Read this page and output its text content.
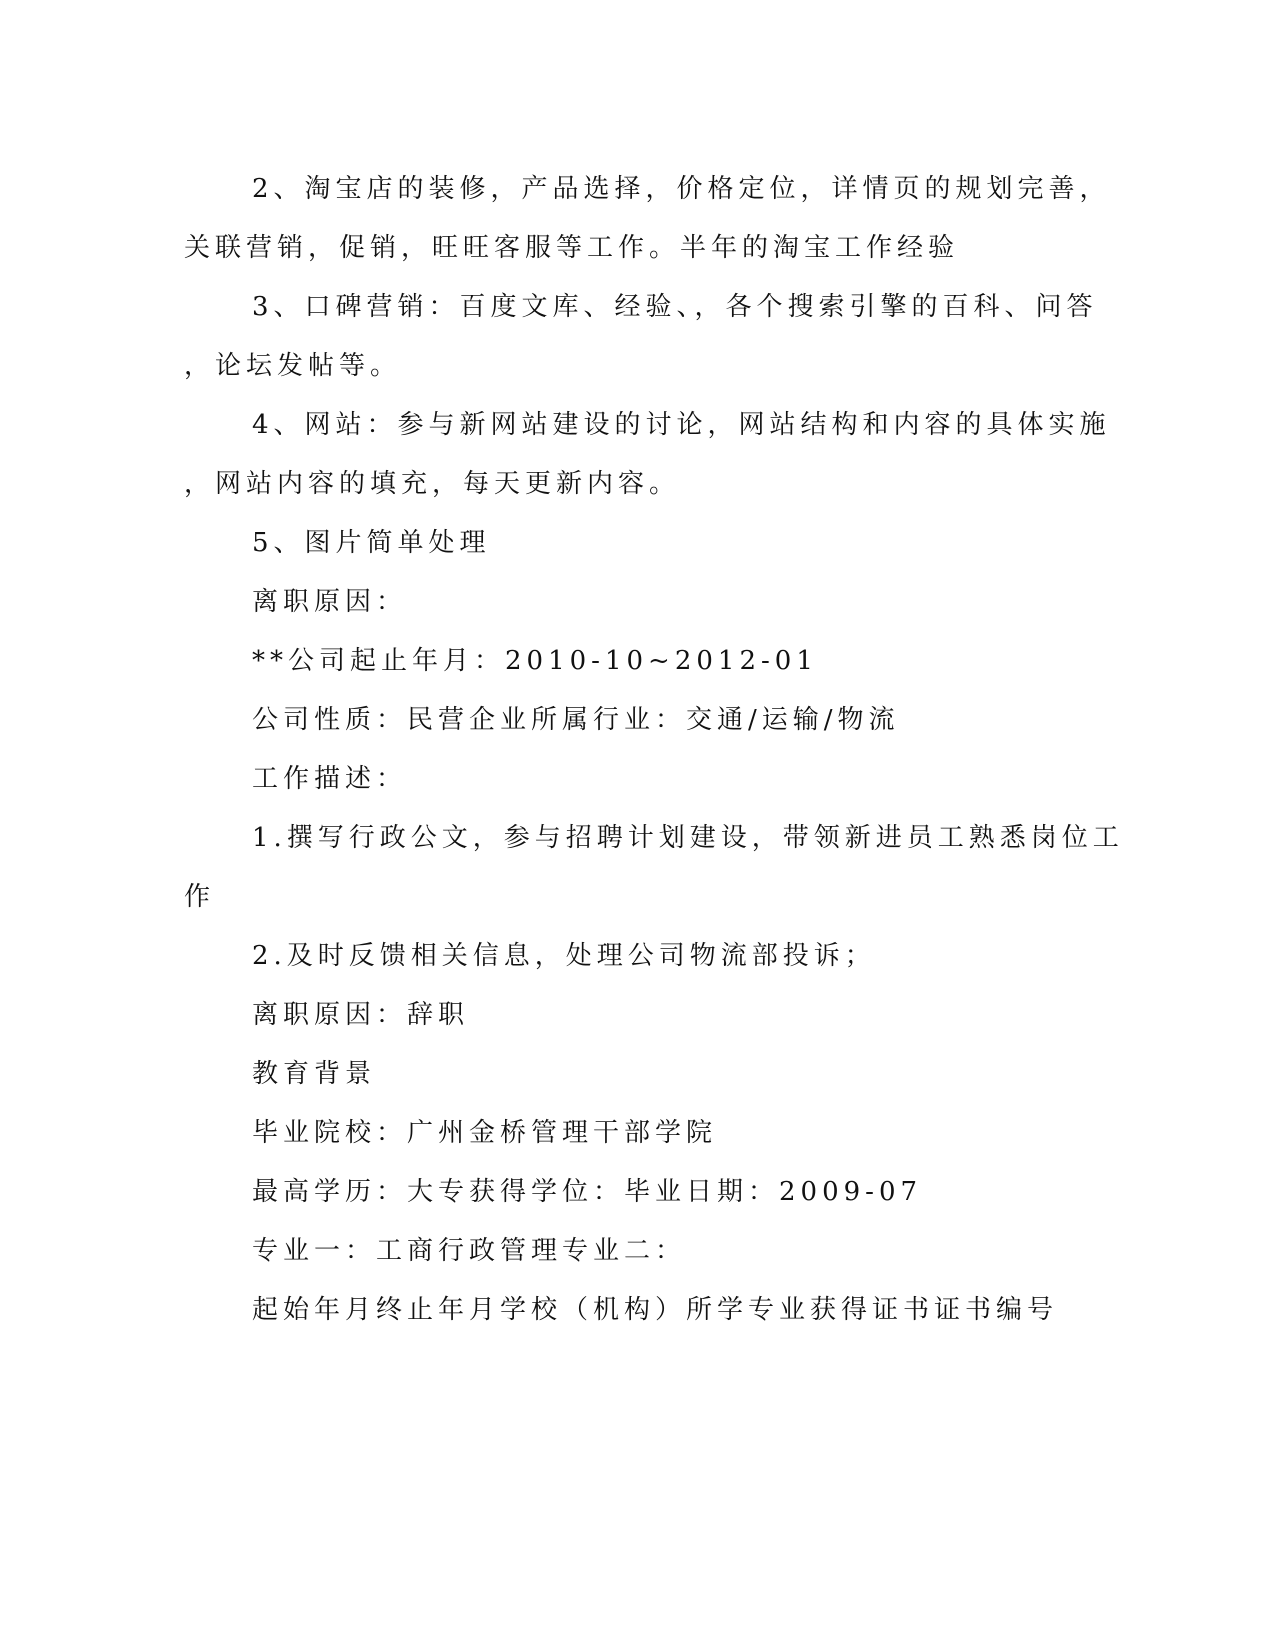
2、淘宝店的装修，产品选择，价格定位，详情页的规划完善，

关联营销，促销，旺旺客服等工作。半年的淘宝工作经验

3、口碑营销：百度文库、经验、，各个搜索引擎的百科、问答

，论坛发帖等。

4、网站：参与新网站建设的讨论，网站结构和内容的具体实施

，网站内容的填充，每天更新内容。

5、图片简单处理

离职原因：

**公司起止年月：2010-10~2012-01

公司性质：民营企业所属行业：交通/运输/物流

工作描述：

1.撰写行政公文，参与招聘计划建设，带领新进员工熟悉岗位工

作

2.及时反馈相关信息，处理公司物流部投诉；

离职原因：辞职

教育背景

毕业院校：广州金桥管理干部学院

最高学历：大专获得学位：毕业日期：2009-07

专业一：工商行政管理专业二：

起始年月终止年月学校（机构）所学专业获得证书证书编号
